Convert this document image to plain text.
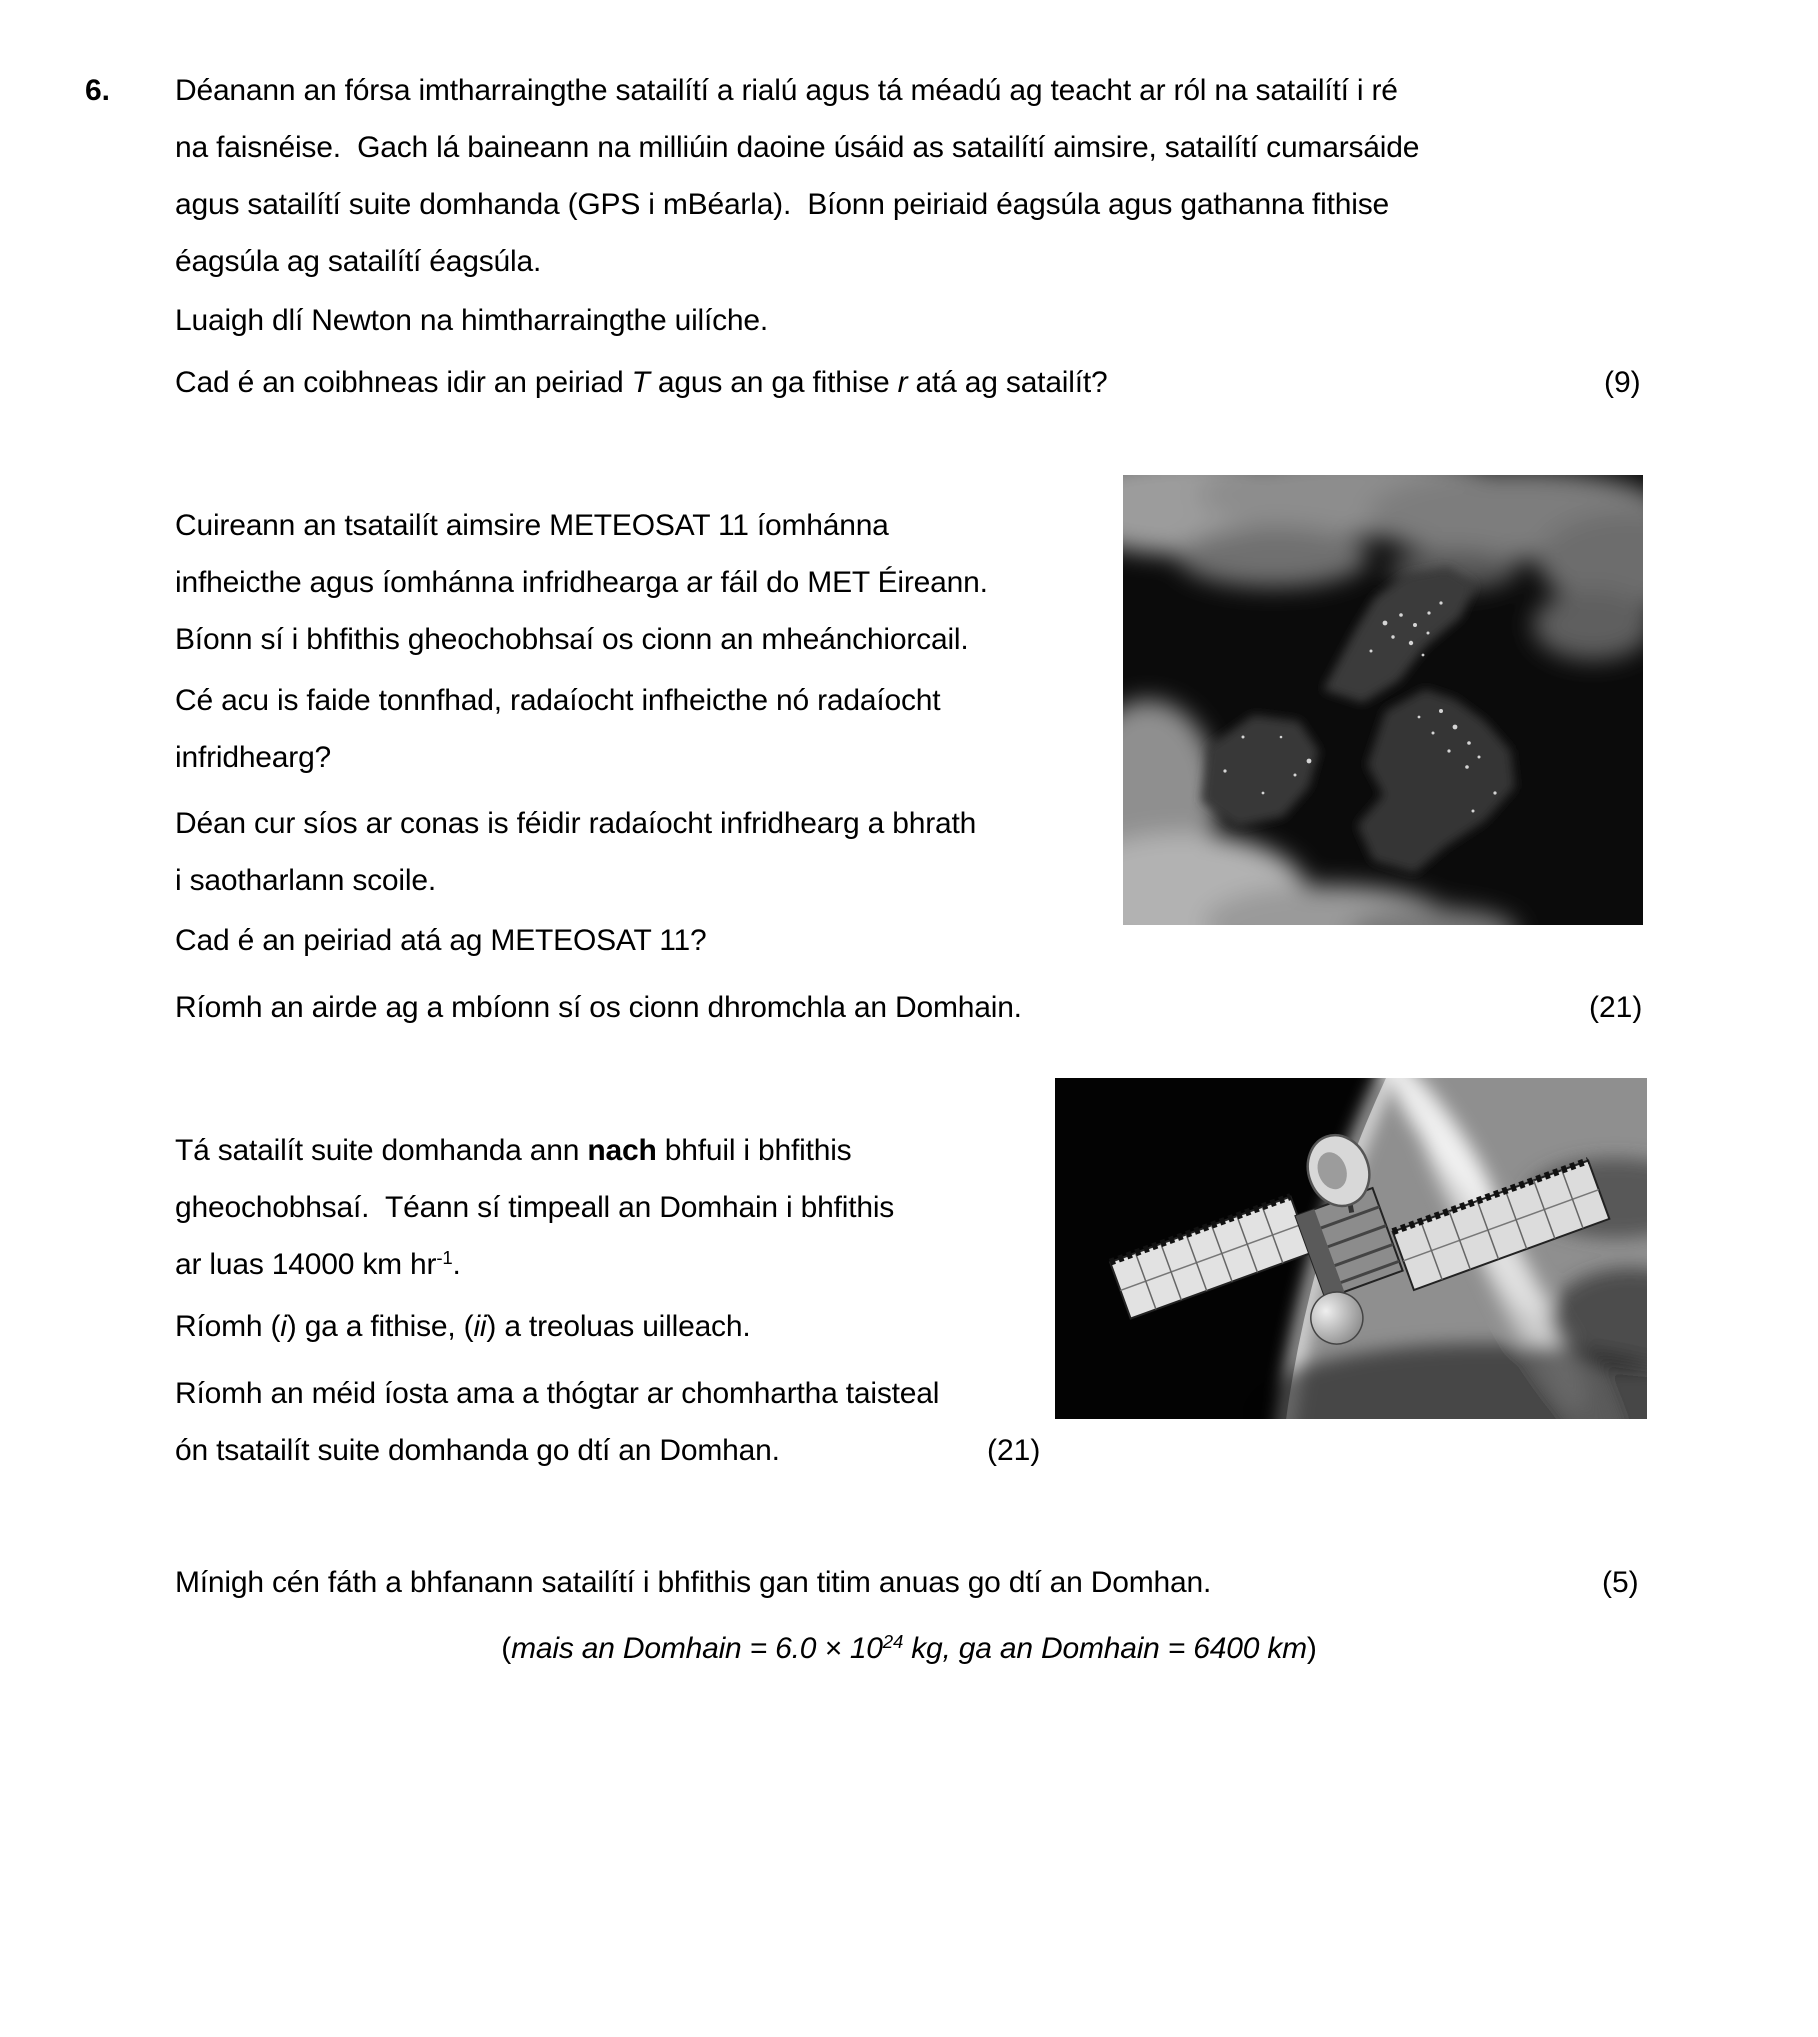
6. Déanann an fórsa imtharraingthe satailítí a rialú agus tá méadú ag teacht ar ról na satailítí i ré
na faisnéise.  Gach lá baineann na milliúin daoine úsáid as satailítí aimsire, satailítí cumarsáide
agus satailítí suite domhanda (GPS i mBéarla).  Bíonn peiriaid éagsúla agus gathanna fithise
éagsúla ag satailítí éagsúla.
Luaigh dlí Newton na himtharraingthe uilíche.
Cad é an coibhneas idir an peiriad T agus an ga fithise r atá ag satailít?	(9)
Cuireann an tsatailít aimsire METEOSAT 11 íomhánna
infheicthe agus íomhánna infridhearga ar fáil do MET Éireann.
Bíonn sí i bhfithis gheochobhsaí os cionn an mheánchiorcail.
Cé acu is faide tonnfhad, radaíocht infheicthe nó radaíocht
infridhearg?
Déan cur síos ar conas is féidir radaíocht infridhearg a bhrath
i saotharlann scoile.
Cad é an peiriad atá ag METEOSAT 11?
Ríomh an airde ag a mbíonn sí os cionn dhromchla an Domhain.	(21)
Tá satailít suite domhanda ann nach bhfuil i bhfithis
gheochobhsaí.  Téann sí timpeall an Domhain i bhfithis
ar luas 14000 km $hr^{-1}$.
Ríomh (i) ga a fithise, (ii) a treoluas uilleach.
Ríomh an méid íosta ama a thógtar ar chomhartha taisteal
ón tsatailít suite domhanda go dtí an Domhan.	(21)
Mínigh cén fáth a bhfanann satailítí i bhfithis gan titim anuas go dtí an Domhan.	(5)
(mais an Domhain = $6.0 \times 10^{24}$ kg, ga an Domhain = 6400 km)
